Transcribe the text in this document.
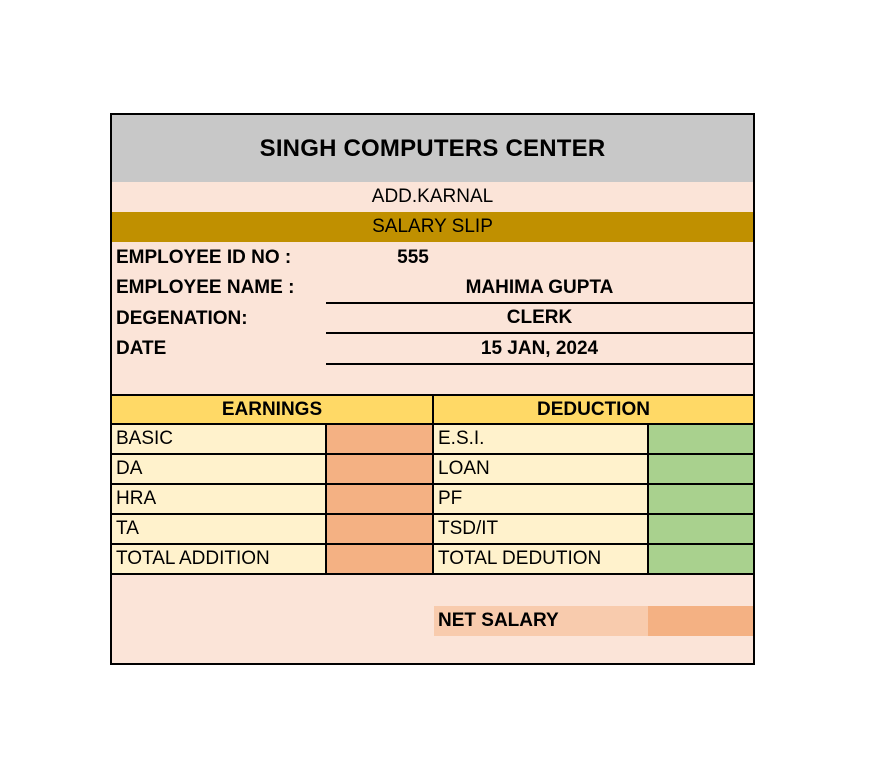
SINGH COMPUTERS CENTER
ADD.KARNAL
SALARY SLIP
EMPLOYEE ID NO :	555
EMPLOYEE NAME :	MAHIMA GUPTA
DEGENATION:	CLERK
DATE	15 JAN, 2024
EARNINGS	DEDUCTION
BASIC	E.S.I.
DA	LOAN
HRA	PF
TA	TSD/IT
TOTAL ADDITION	TOTAL DEDUTION
NET SALARY
